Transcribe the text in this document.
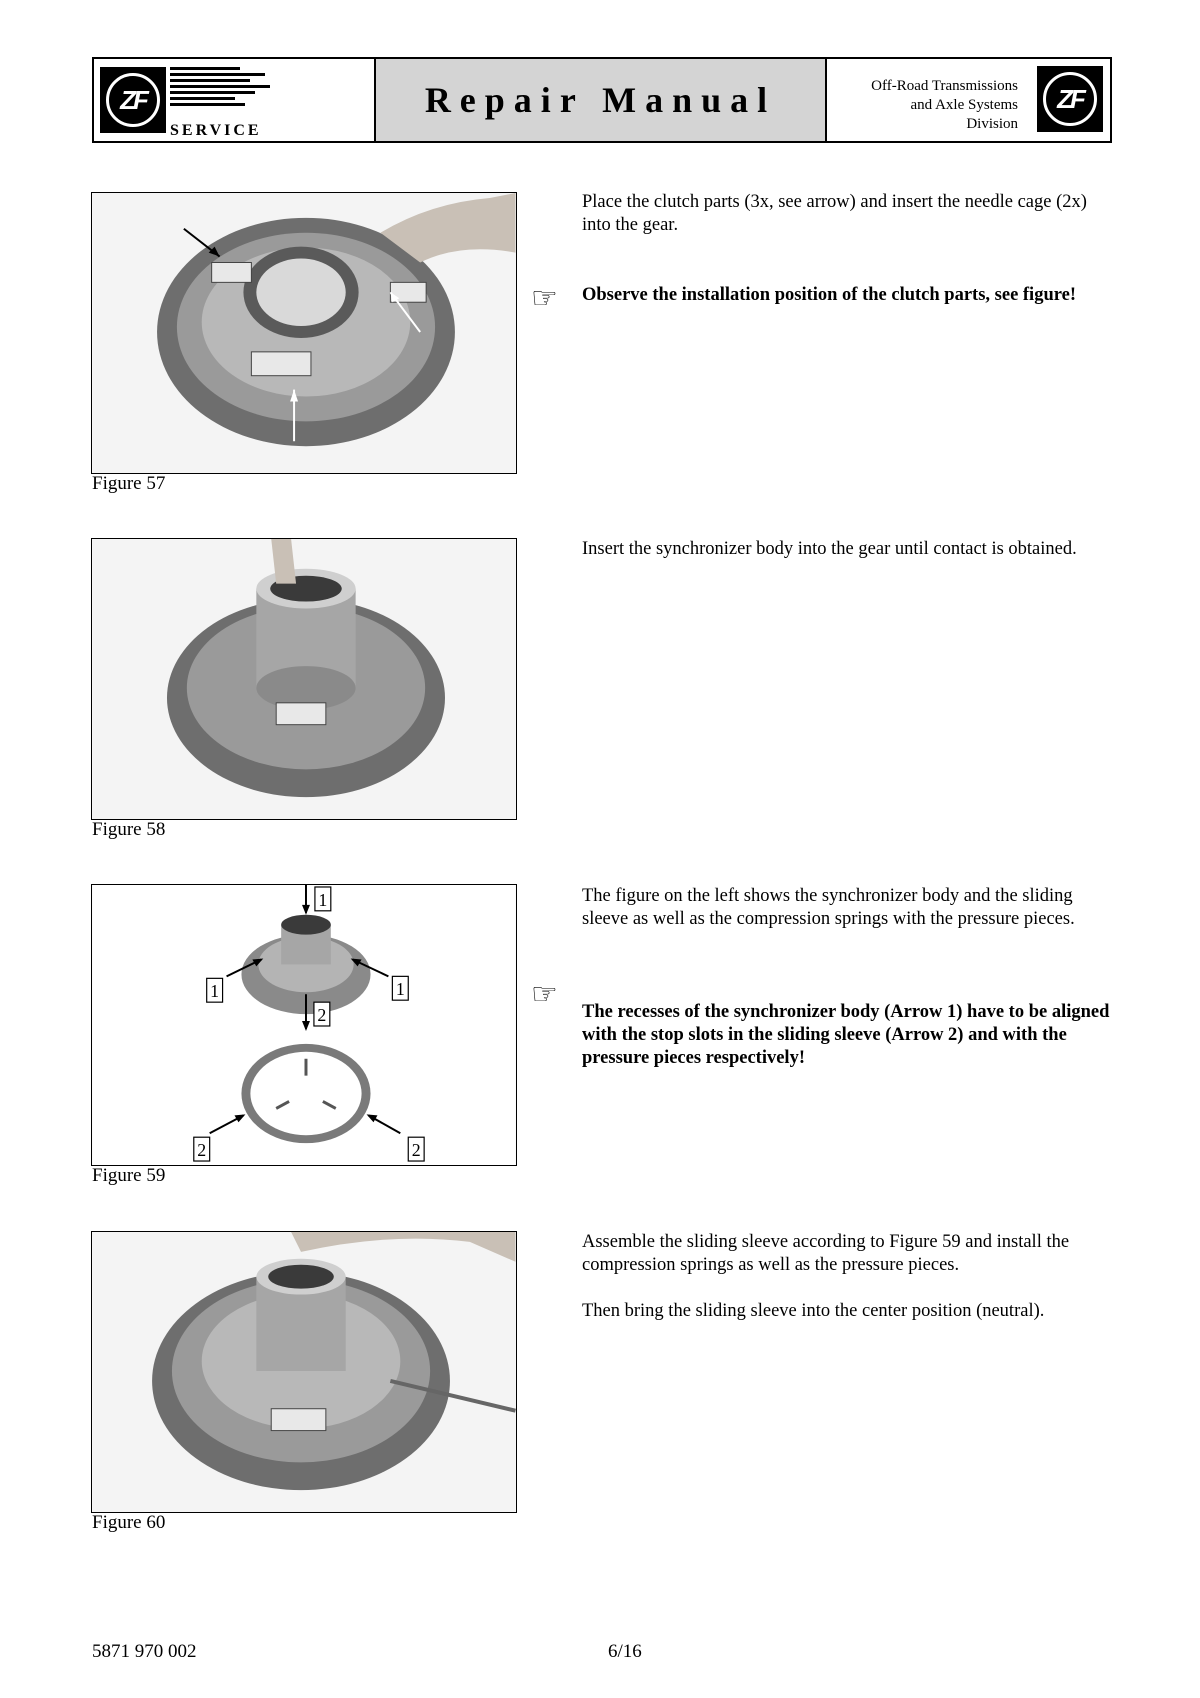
ZF
SERVICE
Repair Manual	Off-Road Transmissions
and Axle Systems
Division
ZF
Figure 57
Place the clutch parts (3x, see arrow) and insert the needle cage (2x) into the gear.
☞ Observe the installation position of the clutch parts, see figure!
Figure 58
Insert the synchronizer body into the gear until contact is obtained.
1
1	1
2
2	2
Figure 59
The figure on the left shows the synchronizer body and the sliding sleeve as well as the compression springs with the pressure pieces.
☞
The recesses of the synchronizer body (Arrow 1) have to be aligned with the stop slots in the sliding sleeve (Arrow 2) and with the pressure pieces respectively!
Figure 60
Assemble the sliding sleeve according to Figure 59 and install the compression springs as well as the pressure pieces.
Then bring the sliding sleeve into the center position (neutral).
5871 970 002	6/16
